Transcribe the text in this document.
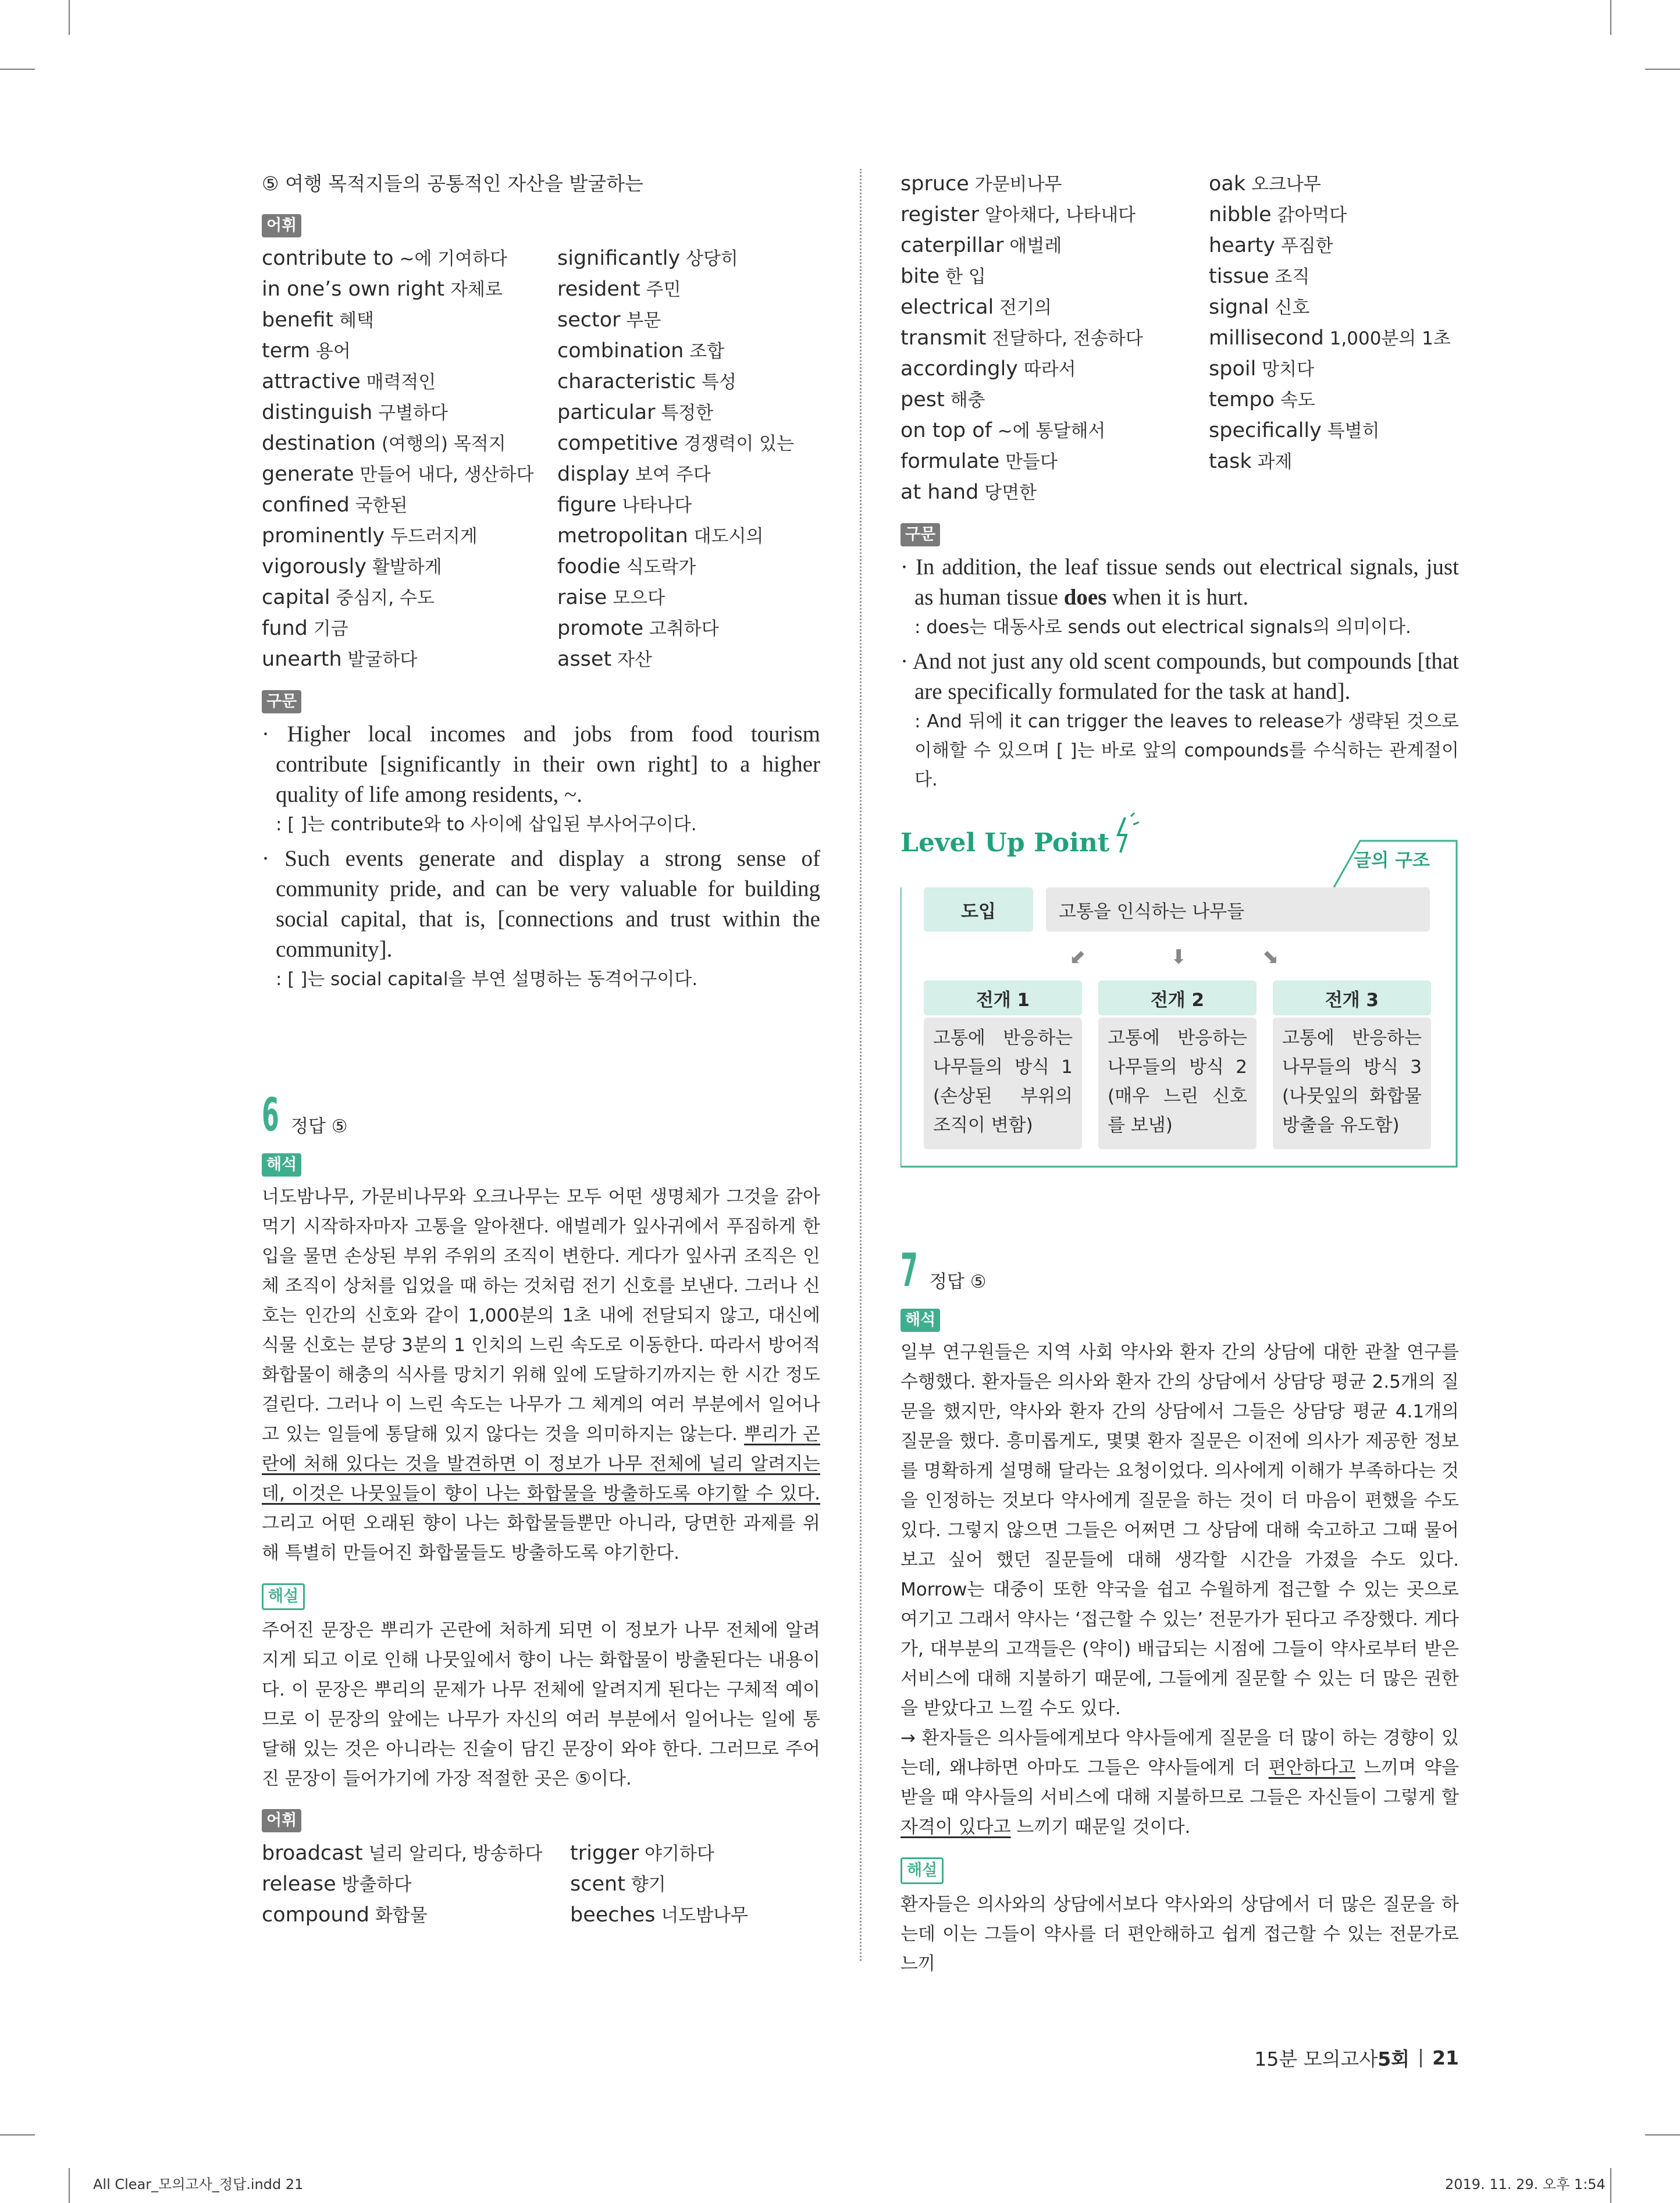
⑤ 여행 목적지들의 공통적인 자산을 발굴하는
어휘
contribute to ~에 기여하다	significantly 상당히
in one’s own right 자체로	resident 주민
benefit 혜택	sector 부문
term 용어	combination 조합
attractive 매력적인	characteristic 특성
distinguish 구별하다	particular 특정한
destination (여행의) 목적지	competitive 경쟁력이 있는
generate 만들어 내다, 생산하다	display 보여 주다
confined 국한된	figure 나타나다
prominently 두드러지게	metropolitan 대도시의
vigorously 활발하게	foodie 식도락가
capital 중심지, 수도	raise 모으다
fund 기금	promote 고취하다
unearth 발굴하다	asset 자산
구문
· Higher local incomes and jobs from food tourism contribute [significantly in their own right] to a higher quality of life among residents, ~.
: [ ]는 contribute와 to 사이에 삽입된 부사어구이다.
· Such events generate and display a strong sense of community pride, and can be very valuable for building social capital, that is, [connections and trust within the community].
: [ ]는 social capital을 부연 설명하는 동격어구이다.
6 정답 ⑤
해석
너도밤나무, 가문비나무와 오크나무는 모두 어떤 생명체가 그것을 갉아먹기 시작하자마자 고통을 알아챈다. 애벌레가 잎사귀에서 푸짐하게 한입을 물면 손상된 부위 주위의 조직이 변한다. 게다가 잎사귀 조직은 인체 조직이 상처를 입었을 때 하는 것처럼 전기 신호를 보낸다. 그러나 신호는 인간의 신호와 같이 1,000분의 1초 내에 전달되지 않고, 대신에 식물 신호는 분당 3분의 1 인치의 느린 속도로 이동한다. 따라서 방어적 화합물이 해충의 식사를 망치기 위해 잎에 도달하기까지는 한 시간 정도 걸린다. 그러나 이 느린 속도는 나무가 그 체계의 여러 부분에서 일어나고 있는 일들에 통달해 있지 않다는 것을 의미하지는 않는다. 뿌리가 곤란에 처해 있다는 것을 발견하면 이 정보가 나무 전체에 널리 알려지는데, 이것은 나뭇잎들이 향이 나는 화합물을 방출하도록 야기할 수 있다. 그리고 어떤 오래된 향이 나는 화합물들뿐만 아니라, 당면한 과제를 위해 특별히 만들어진 화합물들도 방출하도록 야기한다.
해설
주어진 문장은 뿌리가 곤란에 처하게 되면 이 정보가 나무 전체에 알려지게 되고 이로 인해 나뭇잎에서 향이 나는 화합물이 방출된다는 내용이다. 이 문장은 뿌리의 문제가 나무 전체에 알려지게 된다는 구체적 예이므로 이 문장의 앞에는 나무가 자신의 여러 부분에서 일어나는 일에 통달해 있는 것은 아니라는 진술이 담긴 문장이 와야 한다. 그러므로 주어진 문장이 들어가기에 가장 적절한 곳은 ⑤이다.
어휘
broadcast 널리 알리다, 방송하다	trigger 야기하다
release 방출하다	scent 향기
compound 화합물	beeches 너도밤나무
spruce 가문비나무	oak 오크나무
register 알아채다, 나타내다	nibble 갉아먹다
caterpillar 애벌레	hearty 푸짐한
bite 한 입	tissue 조직
electrical 전기의	signal 신호
transmit 전달하다, 전송하다	millisecond 1,000분의 1초
accordingly 따라서	spoil 망치다
pest 해충	tempo 속도
on top of ~에 통달해서	specifically 특별히
formulate 만들다	task 과제
at hand 당면한
구문
· In addition, the leaf tissue sends out electrical signals, just as human tissue does when it is hurt.
: does는 대동사로 sends out electrical signals의 의미이다.
· And not just any old scent compounds, but compounds [that are specifically formulated for the task at hand].
: And 뒤에 it can trigger the leaves to release가 생략된 것으로 이해할 수 있으며 [ ]는 바로 앞의 compounds를 수식하는 관계절이다.
Level Up Point
글의 구조
도입	고통을 인식하는 나무들
⬋	⬇	⬊
전개 1
고통에 반응하는 나무들의 방식 1 (손상된 부위의 조직이 변함)
전개 2
고통에 반응하는 나무들의 방식 2 (매우 느린 신호를 보냄)
전개 3
고통에 반응하는 나무들의 방식 3 (나뭇잎의 화합물 방출을 유도함)
7 정답 ⑤
해석
일부 연구원들은 지역 사회 약사와 환자 간의 상담에 대한 관찰 연구를 수행했다. 환자들은 의사와 환자 간의 상담에서 상담당 평균 2.5개의 질문을 했지만, 약사와 환자 간의 상담에서 그들은 상담당 평균 4.1개의 질문을 했다. 흥미롭게도, 몇몇 환자 질문은 이전에 의사가 제공한 정보를 명확하게 설명해 달라는 요청이었다. 의사에게 이해가 부족하다는 것을 인정하는 것보다 약사에게 질문을 하는 것이 더 마음이 편했을 수도 있다. 그렇지 않으면 그들은 어쩌면 그 상담에 대해 숙고하고 그때 물어보고 싶어 했던 질문들에 대해 생각할 시간을 가졌을 수도 있다. Morrow는 대중이 또한 약국을 쉽고 수월하게 접근할 수 있는 곳으로 여기고 그래서 약사는 ‘접근할 수 있는’ 전문가가 된다고 주장했다. 게다가, 대부분의 고객들은 (약이) 배급되는 시점에 그들이 약사로부터 받은 서비스에 대해 지불하기 때문에, 그들에게 질문할 수 있는 더 많은 권한을 받았다고 느낄 수도 있다.
→ 환자들은 의사들에게보다 약사들에게 질문을 더 많이 하는 경향이 있는데, 왜냐하면 아마도 그들은 약사들에게 더 편안하다고 느끼며 약을 받을 때 약사들의 서비스에 대해 지불하므로 그들은 자신들이 그렇게 할 자격이 있다고 느끼기 때문일 것이다.
해설
환자들은 의사와의 상담에서보다 약사와의 상담에서 더 많은 질문을 하는데 이는 그들이 약사를 더 편안해하고 쉽게 접근할 수 있는 전문가로 느끼
15분 모의고사 5회 21
All Clear_모의고사_정답.indd 21	2019. 11. 29. 오후 1:54
